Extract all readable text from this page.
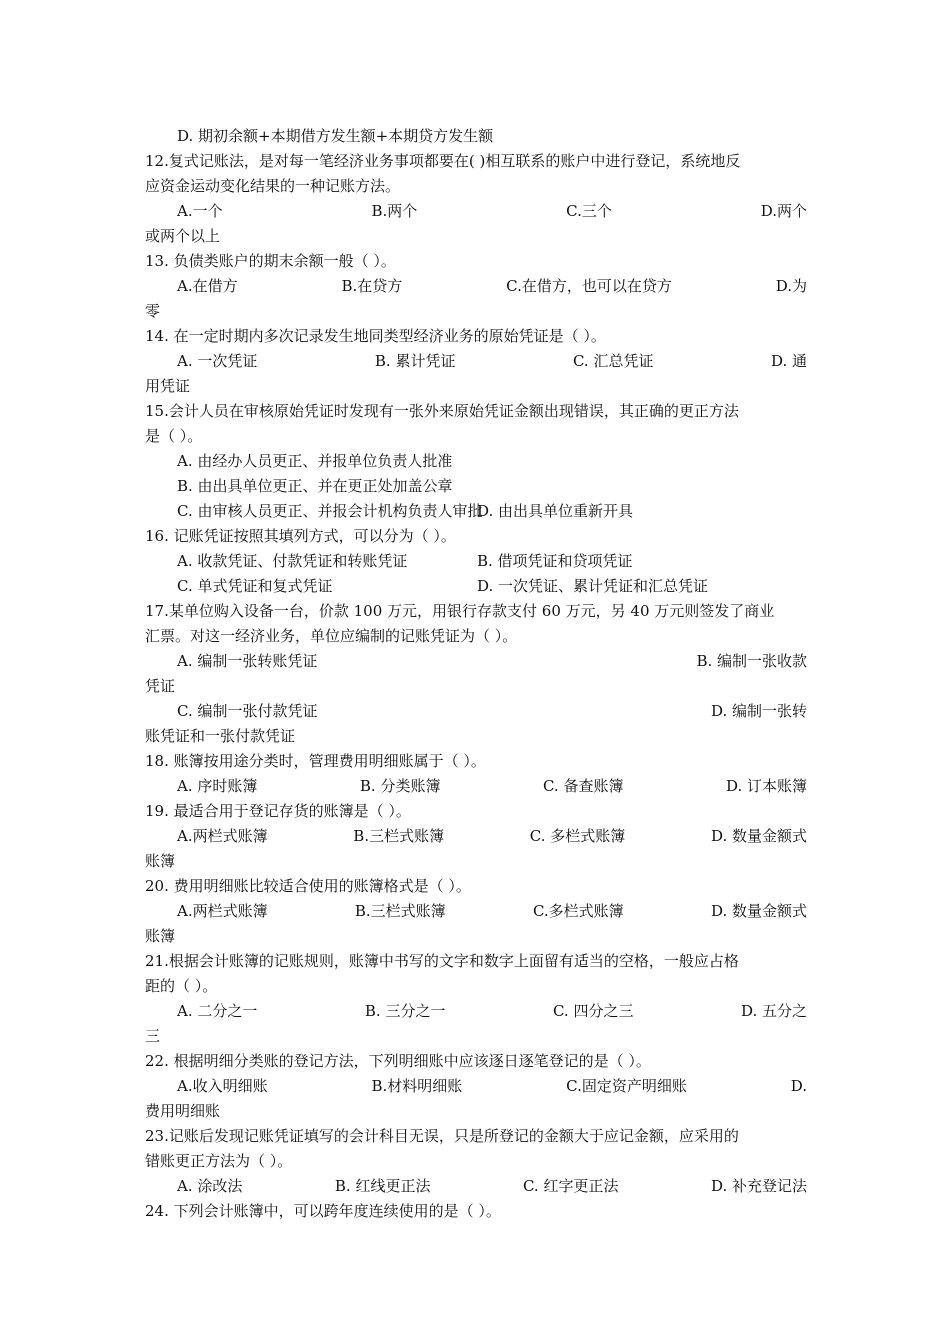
D. 期初余额+本期借方发生额+本期贷方发生额
12.复式记账法，是对每一笔经济业务事项都要在( )相互联系的账户中进行登记，系统地反
应资金运动变化结果的一种记账方法。
A.一个	B.两个	C.三个	D.两个
或两个以上
13. 负债类账户的期末余额一般（ ）。
A.在借方	B.在贷方	C.在借方，也可以在贷方	D.为
零
14. 在一定时期内多次记录发生地同类型经济业务的原始凭证是（ ）。
A. 一次凭证	B. 累计凭证	C. 汇总凭证	D. 通
用凭证
15.会计人员在审核原始凭证时发现有一张外来原始凭证金额出现错误，其正确的更正方法
是（ ）。
A. 由经办人员更正、并报单位负责人批准
B. 由出具单位更正、并在更正处加盖公章
C. 由审核人员更正、并报会计机构负责人审批
D. 由出具单位重新开具
16. 记账凭证按照其填列方式，可以分为（ ）。
A. 收款凭证、付款凭证和转账凭证	B. 借项凭证和贷项凭证
C. 单式凭证和复式凭证	D. 一次凭证、累计凭证和汇总凭证
17.某单位购入设备一台，价款 100 万元，用银行存款支付 60 万元，另 40 万元则签发了商业
汇票。对这一经济业务，单位应编制的记账凭证为（ ）。
A. 编制一张转账凭证	B. 编制一张收款
凭证
C. 编制一张付款凭证	D. 编制一张转
账凭证和一张付款凭证
18. 账簿按用途分类时，管理费用明细账属于（ ）。
A. 序时账簿	B. 分类账簿	C. 备查账簿	D. 订本账簿
19. 最适合用于登记存货的账簿是（ ）。
A.两栏式账簿	B.三栏式账簿	C. 多栏式账簿	D. 数量金额式
账簿
20. 费用明细账比较适合使用的账簿格式是（ ）。
A.两栏式账簿	B.三栏式账簿	C.多栏式账簿	D. 数量金额式
账簿
21.根据会计账簿的记账规则，账簿中书写的文字和数字上面留有适当的空格，一般应占格
距的（ ）。
A. 二分之一	B. 三分之一	C. 四分之三	D. 五分之
三
22. 根据明细分类账的登记方法，下列明细账中应该逐日逐笔登记的是（ ）。
A.收入明细账	B.材料明细账	C.固定资产明细账	D.
费用明细账
23.记账后发现记账凭证填写的会计科目无误，只是所登记的金额大于应记金额，应采用的
错账更正方法为（ ）。
A. 涂改法	B. 红线更正法	C. 红字更正法	D. 补充登记法
24. 下列会计账簿中，可以跨年度连续使用的是（ ）。
